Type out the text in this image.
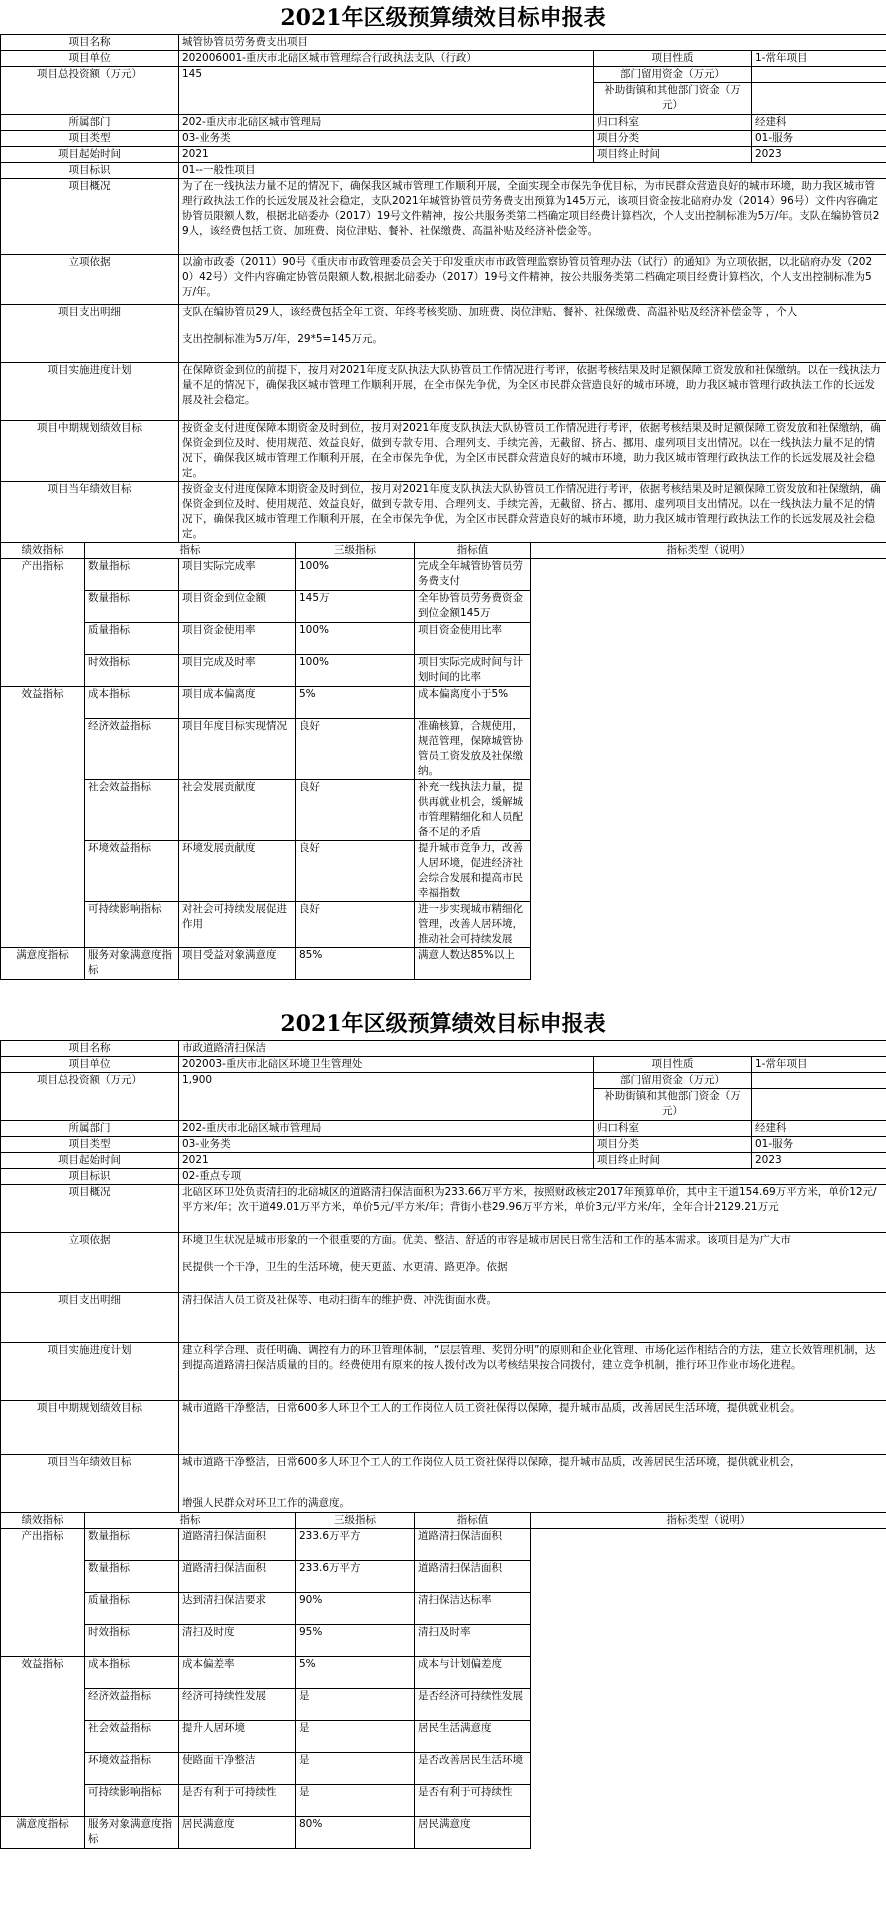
2021年区级预算绩效目标申报表
项目名称	城管协管员劳务费支出项目		
项目单位	202006001-重庆市北碚区城市管理综合行政执法支队（行政）	项目性质	1-常年项目
项目总投资额（万元）	145	部门留用资金（万元）	
		补助街镇和其他部门资金（万元）	
所属部门	202-重庆市北碚区城市管理局	归口科室	经建科
项目类型	03-业务类	项目分类	01-服务
项目起始时间	2021	项目终止时间	2023
项目标识	01--一般性项目		
项目概况	为了在一线执法力量不足的情况下，确保我区城市管理工作顺利开展，全面实现全市保先争优目标，为市民群众营造良好的城市环境，助力我区城市管理行政执法工作的长远发展及社会稳定，支队2021年城管协管员劳务费支出预算为145万元，该项目资金按北碚府办发（2014）96号）文件内容确定协管员限额人数，根据北碚委办（2017）19号文件精神，按公共服务类第二档确定项目经费计算档次，个人支出控制标准为5万/年。支队在编协管员29人，该经费包括工资、加班费、岗位津贴、餐补、社保缴费、高温补贴及经济补偿金等。		
立项依据	以渝市政委（2011）90号《重庆市市政管理委员会关于印发重庆市市政管理监察协管员管理办法（试行）的通知》为立项依据，以北碚府办发（2020）42号）文件内容确定协管员限额人数,根据北碚委办（2017）19号文件精神，按公共服务类第二档确定项目经费计算档次，个人支出控制标准为5万/年。		
项目支出明细	支队在编协管员29人，该经费包括全年工资、年终考核奖励、加班费、岗位津贴、餐补、社保缴费、高温补贴及经济补偿金等 ，个人
支出控制标准为5万/年，29*5=145万元。		

项目实施进度计划	在保障资金到位的前提下，按月对2021年度支队执法大队协管员工作情况进行考评，依据考核结果及时足额保障工资发放和社保缴纳。以在一线执法力量不足的情况下，确保我区城市管理工作顺利开展，在全市保先争优，为全区市民群众营造良好的城市环境，助力我区城市管理行政执法工作的长远发展及社会稳定。		
项目中期规划绩效目标	按资金支付进度保障本期资金及时到位，按月对2021年度支队执法大队协管员工作情况进行考评，依据考核结果及时足额保障工资发放和社保缴纳，确保资金到位及时、使用规范、效益良好，做到专款专用、合理列支、手续完善，无截留、挤占、挪用、虚列项目支出情况。以在一线执法力量不足的情况下，确保我区城市管理工作顺利开展，在全市保先争优，为全区市民群众营造良好的城市环境，助力我区城市管理行政执法工作的长远发展及社会稳定。		
项目当年绩效目标	按资金支付进度保障本期资金及时到位，按月对2021年度支队执法大队协管员工作情况进行考评，依据考核结果及时足额保障工资发放和社保缴纳，确保资金到位及时、使用规范、效益良好，做到专款专用、合理列支、手续完善，无截留、挤占、挪用、虚列项目支出情况。以在一线执法力量不足的情况下，确保我区城市管理工作顺利开展，在全市保先争优，为全区市民群众营造良好的城市环境，助力我区城市管理行政执法工作的长远发展及社会稳定。		
绩效指标	指标		三级指标	指标值	指标类型（说明）
产出指标	数量指标	项目实际完成率	100%	完成全年城管协管员劳务费支付	
	数量指标	项目资金到位金额	145万	全年协管员劳务费资金到位金额145万	
	质量指标	项目资金使用率	100%	项目资金使用比率	
	时效指标	项目完成及时率	100%	项目实际完成时间与计划时间的比率	
效益指标	成本指标	项目成本偏离度	5%	成本偏离度小于5%	
	经济效益指标	项目年度目标实现情况	良好	准确核算，合规使用，规范管理，保障城管协管员工资发放及社保缴纳。	
	社会效益指标	社会发展贡献度	良好	补充一线执法力量，提供再就业机会，缓解城市管理精细化和人员配备不足的矛盾	
	环境效益指标	环境发展贡献度	良好	提升城市竞争力，改善人居环境，促进经济社会综合发展和提高市民幸福指数	
	可持续影响指标	对社会可持续发展促进作用	良好	进一步实现城市精细化管理，改善人居环境，推动社会可持续发展	
满意度指标	服务对象满意度指标	项目受益对象满意度	85%	满意人数达85%以上	
2021年区级预算绩效目标申报表
项目名称	市政道路清扫保洁		
项目单位	202003-重庆市北碚区环境卫生管理处	项目性质	1-常年项目
项目总投资额（万元）	1,900	部门留用资金（万元）	
		补助街镇和其他部门资金（万元）	
所属部门	202-重庆市北碚区城市管理局	归口科室	经建科
项目类型	03-业务类	项目分类	01-服务
项目起始时间	2021	项目终止时间	2023
项目标识	02-重点专项		
项目概况	北碚区环卫处负责清扫的北碚城区的道路清扫保洁面积为233.66万平方米，按照财政核定2017年预算单价，其中主干道154.69万平方米，单价12元/平方米/年；次干道49.01万平方米，单价5元/平方米/年；背街小巷29.96万平方米，单价3元/平方米/年，全年合计2129.21万元		
立项依据	环境卫生状况是城市形象的一个很重要的方面。优美、整洁、舒适的市容是城市居民日常生活和工作的基本需求。该项目是为广大市
民提供一个干净，卫生的生活环境，使天更蓝、水更清、路更净。依据		

项目支出明细	清扫保洁人员工资及社保等、电动扫街车的维护费、冲洗街面水费。		
项目实施进度计划	建立科学合理、责任明确、调控有力的环卫管理体制，“层层管理、奖罚分明”的原则和企业化管理、市场化运作相结合的方法，建立长效管理机制，达到提高道路清扫保洁质量的目的。经费使用有原来的按人拨付改为以考核结果按合同拨付，建立竞争机制，推行环卫作业市场化进程。		
项目中期规划绩效目标	城市道路干净整洁，日常600多人环卫个工人的工作岗位人员工资社保得以保障，提升城市品质，改善居民生活环境，提供就业机会。		
项目当年绩效目标	城市道路干净整洁，日常600多人环卫个工人的工作岗位人员工资社保得以保障，提升城市品质，改善居民生活环境，提供就业机会，
增强人民群众对环卫工作的满意度。		
绩效指标	指标		三级指标	指标值	指标类型（说明）
产出指标	数量指标	道路清扫保洁面积	233.6万平方	道路清扫保洁面积	
	数量指标	道路清扫保洁面积	233.6万平方	道路清扫保洁面积	
	质量指标	达到清扫保洁要求	90%	清扫保洁达标率	
	时效指标	清扫及时度	95%	清扫及时率	
效益指标	成本指标	成本偏差率	5%	成本与计划偏差度	
	经济效益指标	经济可持续性发展	是	是否经济可持续性发展	
	社会效益指标	提升人居环境	是	居民生活满意度	
	环境效益指标	使路面干净整洁	是	是否改善居民生活环境	
	可持续影响指标	是否有利于可持续性	是	是否有利于可持续性	
满意度指标	服务对象满意度指标	居民满意度	80%	居民满意度	
